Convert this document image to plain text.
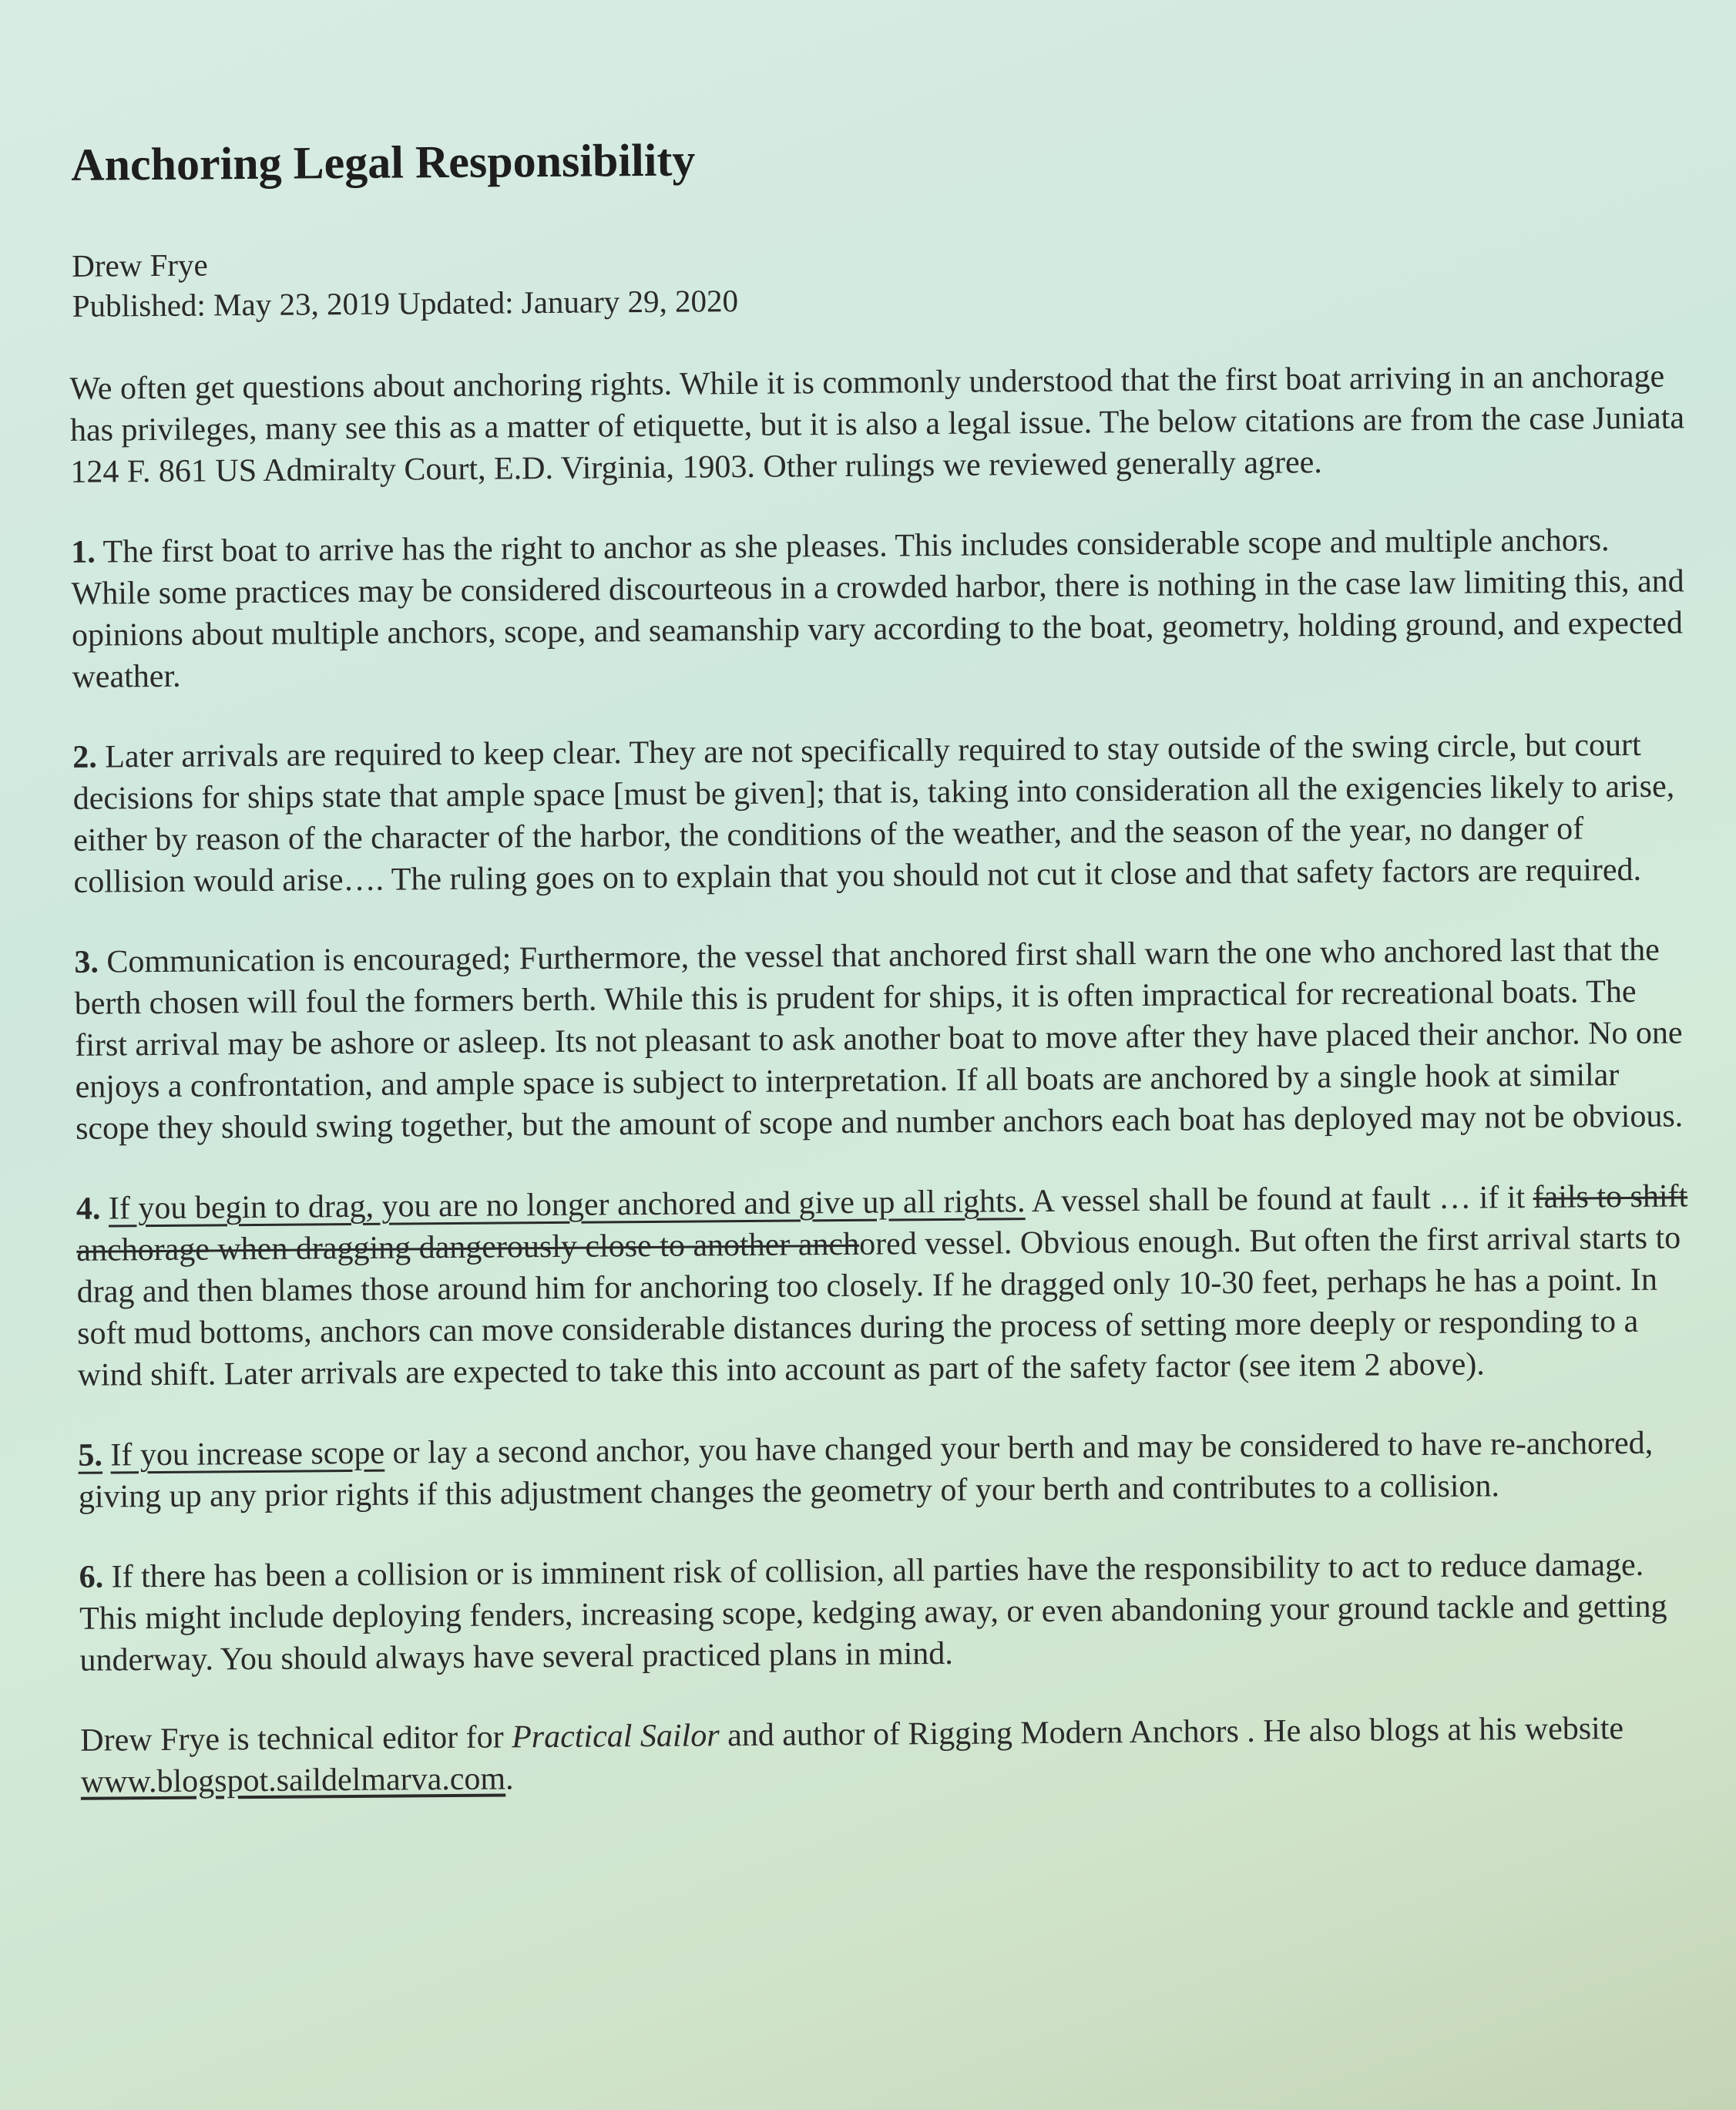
Anchoring Legal Responsibility
Drew Frye
Published: May 23, 2019 Updated: January 29, 2020

We often get questions about anchoring rights. While it is commonly understood that the first boat arriving in an anchorage has privileges, many see this as a matter of etiquette, but it is also a legal issue. The below citations are from the case Juniata 124 F. 861 US Admiralty Court, E.D. Virginia, 1903. Other rulings we reviewed generally agree.

1. The first boat to arrive has the right to anchor as she pleases. This includes considerable scope and multiple anchors. While some practices may be considered discourteous in a crowded harbor, there is nothing in the case law limiting this, and opinions about multiple anchors, scope, and seamanship vary according to the boat, geometry, holding ground, and expected weather.

2. Later arrivals are required to keep clear. They are not specifically required to stay outside of the swing circle, but court decisions for ships state that ample space [must be given]; that is, taking into consideration all the exigencies likely to arise, either by reason of the character of the harbor, the conditions of the weather, and the season of the year, no danger of collision would arise…. The ruling goes on to explain that you should not cut it close and that safety factors are required.

3. Communication is encouraged; Furthermore, the vessel that anchored first shall warn the one who anchored last that the berth chosen will foul the formers berth. While this is prudent for ships, it is often impractical for recreational boats. The first arrival may be ashore or asleep. Its not pleasant to ask another boat to move after they have placed their anchor. No one enjoys a confrontation, and ample space is subject to interpretation. If all boats are anchored by a single hook at similar scope they should swing together, but the amount of scope and number anchors each boat has deployed may not be obvious.

4. If you begin to drag, you are no longer anchored and give up all rights. A vessel shall be found at fault … if it fails to shift anchorage when dragging dangerously close to another anchored vessel. Obvious enough. But often the first arrival starts to drag and then blames those around him for anchoring too closely. If he dragged only 10-30 feet, perhaps he has a point. In soft mud bottoms, anchors can move considerable distances during the process of setting more deeply or responding to a wind shift. Later arrivals are expected to take this into account as part of the safety factor (see item 2 above).

5. If you increase scope or lay a second anchor, you have changed your berth and may be considered to have re-anchored, giving up any prior rights if this adjustment changes the geometry of your berth and contributes to a collision.

6. If there has been a collision or is imminent risk of collision, all parties have the responsibility to act to reduce damage. This might include deploying fenders, increasing scope, kedging away, or even abandoning your ground tackle and getting underway. You should always have several practiced plans in mind.

Drew Frye is technical editor for Practical Sailor and author of Rigging Modern Anchors . He also blogs at his website www.blogspot.saildelmarva.com.
